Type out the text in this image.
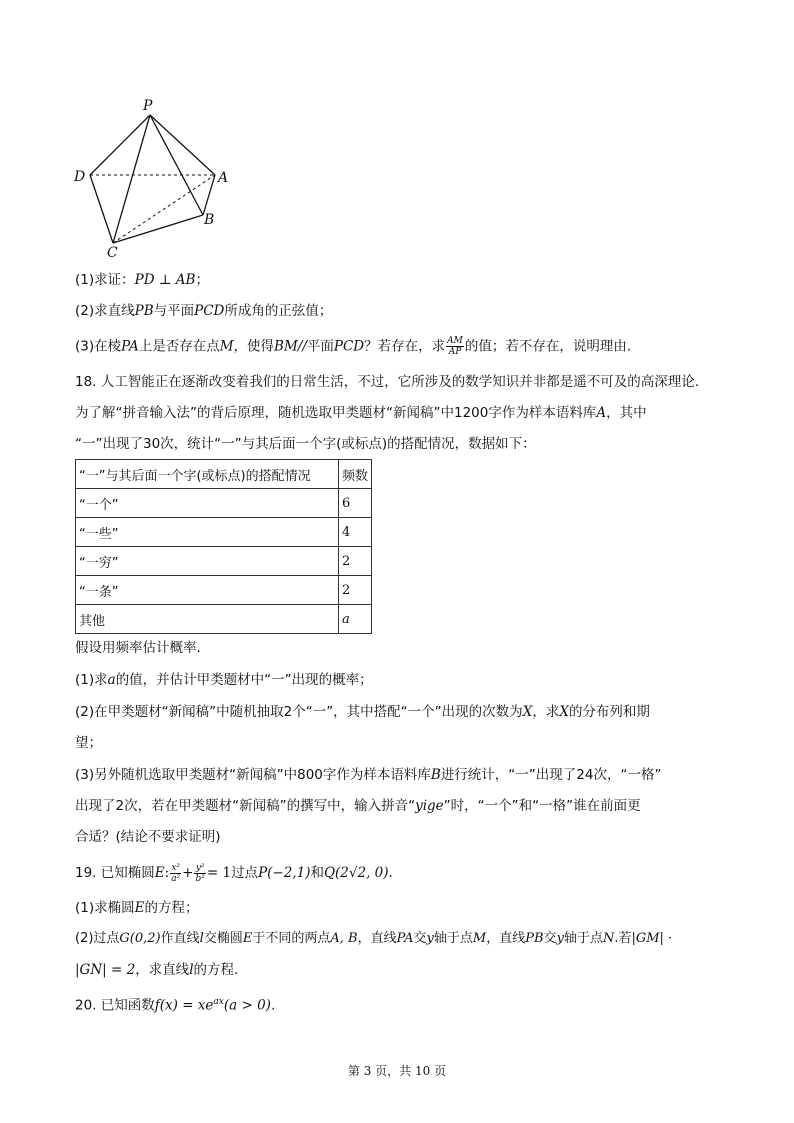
P
D	A
B
C
(1)求证：PD ⊥ AB；
(2)求直线PB与平面PCD所成角的正弦值；
(3)在棱PA上是否存在点M，使得BM//平面PCD？若存在，求 $\frac{AM}{AP}$ 的值；若不存在，说明理由.
18. 人工智能正在逐渐改变着我们的日常生活，不过，它所涉及的数学知识并非都是遥不可及的高深理论.
为了解“拼音输入法”的背后原理，随机选取甲类题材“新闻稿”中1200字作为样本语料库A，其中
“一”出现了30次，统计“一”与其后面一个字(或标点)的搭配情况，数据如下：
“一”与其后面一个字(或标点)的搭配情况	频数
“一个”	6
“一些”	4
“一穷”	2
“一条”	2
其他	a
假设用频率估计概率.
(1)求a的值，并估计甲类题材中“一”出现的概率；
(2)在甲类题材“新闻稿”中随机抽取2个“一”，其中搭配“一个”出现的次数为X，求X的分布列和期
望；
(3)另外随机选取甲类题材“新闻稿”中800字作为样本语料库B进行统计，“一”出现了24次，“一格”
出现了2次，若在甲类题材“新闻稿”的撰写中，输入拼音“yige”时，“一个”和“一格”谁在前面更
合适？(结论不要求证明)
19. 已知椭圆E: $\frac{\text{x²}}{\text{a²}} + \frac{\text{y²}}{\text{b²}} = 1$过点P(−2,1)和Q(2√2, 0).
(1)求椭圆E的方程；
(2)过点G(0,2)作直线l交椭圆E于不同的两点A, B，直线PA交y轴于点M，直线PB交y轴于点N.若|GM| ·
|GN| = 2，求直线l的方程.
20. 已知函数$f(x) = xe^{ax}(a > 0)$.
第 3 页，共 10 页
